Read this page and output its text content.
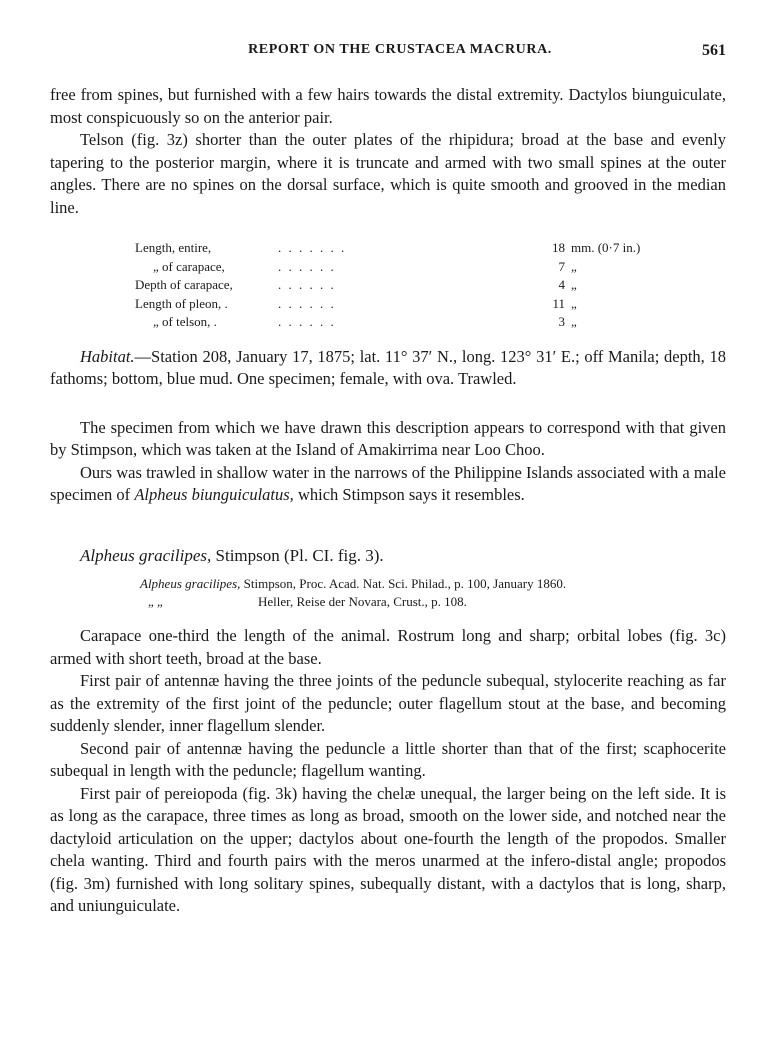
REPORT ON THE CRUSTACEA MACRURA.	561

free from spines, but furnished with a few hairs towards the distal extremity. Dactylos biunguiculate, most conspicuously so on the anterior pair.

Telson (fig. 3z) shorter than the outer plates of the rhipidura; broad at the base and evenly tapering to the posterior margin, where it is truncate and armed with two small spines at the outer angles. There are no spines on the dorsal surface, which is quite smooth and grooved in the median line.

Length, entire,	. . . . . . .	18	mm. (0·7 in.)
„ of carapace,	. . . . . .	7	„
Depth of carapace,	. . . . . .	4	„
Length of pleon, .	. . . . . .	11	„
„ of telson, .	. . . . . .	3	„

Habitat.—Station 208, January 17, 1875; lat. 11° 37′ N., long. 123° 31′ E.; off Manila; depth, 18 fathoms; bottom, blue mud. One specimen; female, with ova. Trawled.

The specimen from which we have drawn this description appears to correspond with that given by Stimpson, which was taken at the Island of Amakirrima near Loo Choo.

Ours was trawled in shallow water in the narrows of the Philippine Islands associated with a male specimen of Alpheus biunguiculatus, which Stimpson says it resembles.

Alpheus gracilipes, Stimpson (Pl. CI. fig. 3).

Alpheus gracilipes, Stimpson, Proc. Acad. Nat. Sci. Philad., p. 100, January 1860.
„ „	Heller, Reise der Novara, Crust., p. 108.

Carapace one-third the length of the animal. Rostrum long and sharp; orbital lobes (fig. 3c) armed with short teeth, broad at the base.

First pair of antennæ having the three joints of the peduncle subequal, stylocerite reaching as far as the extremity of the first joint of the peduncle; outer flagellum stout at the base, and becoming suddenly slender, inner flagellum slender.

Second pair of antennæ having the peduncle a little shorter than that of the first; scaphocerite subequal in length with the peduncle; flagellum wanting.

First pair of pereiopoda (fig. 3k) having the chelæ unequal, the larger being on the left side. It is as long as the carapace, three times as long as broad, smooth on the lower side, and notched near the dactyloid articulation on the upper; dactylos about one-fourth the length of the propodos. Smaller chela wanting. Third and fourth pairs with the meros unarmed at the infero-distal angle; propodos (fig. 3m) furnished with long solitary spines, subequally distant, with a dactylos that is long, sharp, and uniunguiculate.
